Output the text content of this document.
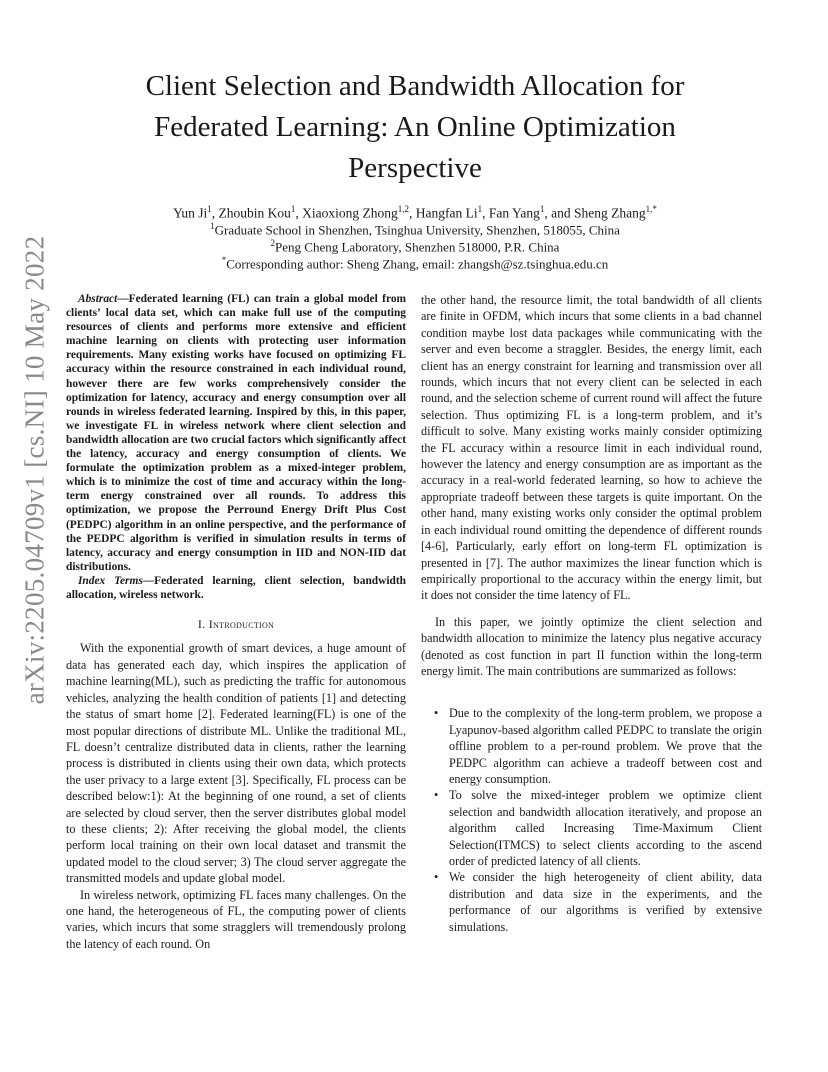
arXiv:2205.04709v1 [cs.NI] 10 May 2022
Client Selection and Bandwidth Allocation for Federated Learning: An Online Optimization Perspective
Yun Ji$^1$, Zhoubin Kou$^1$, Xiaoxiong Zhong$^{1,2}$, Hangfan Li$^1$, Fan Yang$^1$, and Sheng Zhang$^{1,*}$
$^1$Graduate School in Shenzhen, Tsinghua University, Shenzhen, 518055, China
$^2$Peng Cheng Laboratory, Shenzhen 518000, P.R. China
*Corresponding author: Sheng Zhang, email: zhangsh@sz.tsinghua.edu.cn

Abstract—Federated learning (FL) can train a global model from clients’ local data set, which can make full use of the computing resources of clients and performs more extensive and efficient machine learning on clients with protecting user information requirements. Many existing works have focused on optimizing FL accuracy within the resource constrained in each individual round, however there are few works comprehensively consider the optimization for latency, accuracy and energy consumption over all rounds in wireless federated learning. Inspired by this, in this paper, we investigate FL in wireless network where client selection and bandwidth allocation are two crucial factors which significantly affect the latency, accuracy and energy consumption of clients. We formulate the optimization problem as a mixed-integer problem, which is to minimize the cost of time and accuracy within the long-term energy constrained over all rounds. To address this optimization, we propose the Perround Energy Drift Plus Cost (PEDPC) algorithm in an online perspective, and the performance of the PEDPC algorithm is verified in simulation results in terms of latency, accuracy and energy consumption in IID and NON-IID dat distributions.

Index Terms—Federated learning, client selection, bandwidth allocation, wireless network.

I. Introduction

With the exponential growth of smart devices, a huge amount of data has generated each day, which inspires the application of machine learning(ML), such as predicting the traffic for autonomous vehicles, analyzing the health condition of patients [1] and detecting the status of smart home [2]. Federated learning(FL) is one of the most popular directions of distribute ML. Unlike the traditional ML, FL doesn’t centralize distributed data in clients, rather the learning process is distributed in clients using their own data, which protects the user privacy to a large extent [3]. Specifically, FL process can be described below:1): At the beginning of one round, a set of clients are selected by cloud server, then the server distributes global model to these clients; 2): After receiving the global model, the clients perform local training on their own local dataset and transmit the updated model to the cloud server; 3) The cloud server aggregate the transmitted models and update global model.

In wireless network, optimizing FL faces many challenges. On the one hand, the heterogeneous of FL, the computing power of clients varies, which incurs that some stragglers will tremendously prolong the latency of each round. On

the other hand, the resource limit, the total bandwidth of all clients are finite in OFDM, which incurs that some clients in a bad channel condition maybe lost data packages while communicating with the server and even become a straggler. Besides, the energy limit, each client has an energy constraint for learning and transmission over all rounds, which incurs that not every client can be selected in each round, and the selection scheme of current round will affect the future selection. Thus optimizing FL is a long-term problem, and it’s difficult to solve. Many existing works mainly consider optimizing the FL accuracy within a resource limit in each individual round, however the latency and energy consumption are as important as the accuracy in a real-world federated learning, so how to achieve the appropriate tradeoff between these targets is quite important. On the other hand, many existing works only consider the optimal problem in each individual round omitting the dependence of different rounds [4-6], Particularly, early effort on long-term FL optimization is presented in [7]. The author maximizes the linear function which is empirically proportional to the accuracy within the energy limit, but it does not consider the time latency of FL.

In this paper, we jointly optimize the client selection and bandwidth allocation to minimize the latency plus negative accuracy (denoted as cost function in part II function within the long-term energy limit. The main contributions are summarized as follows:

• Due to the complexity of the long-term problem, we propose a Lyapunov-based algorithm called PEDPC to translate the origin offline problem to a per-round problem. We prove that the PEDPC algorithm can achieve a tradeoff between cost and energy consumption.
• To solve the mixed-integer problem we optimize client selection and bandwidth allocation iteratively, and propose an algorithm called Increasing Time-Maximum Client Selection(ITMCS) to select clients according to the ascend order of predicted latency of all clients.
• We consider the high heterogeneity of client ability, data distribution and data size in the experiments, and the performance of our algorithms is verified by extensive simulations.
